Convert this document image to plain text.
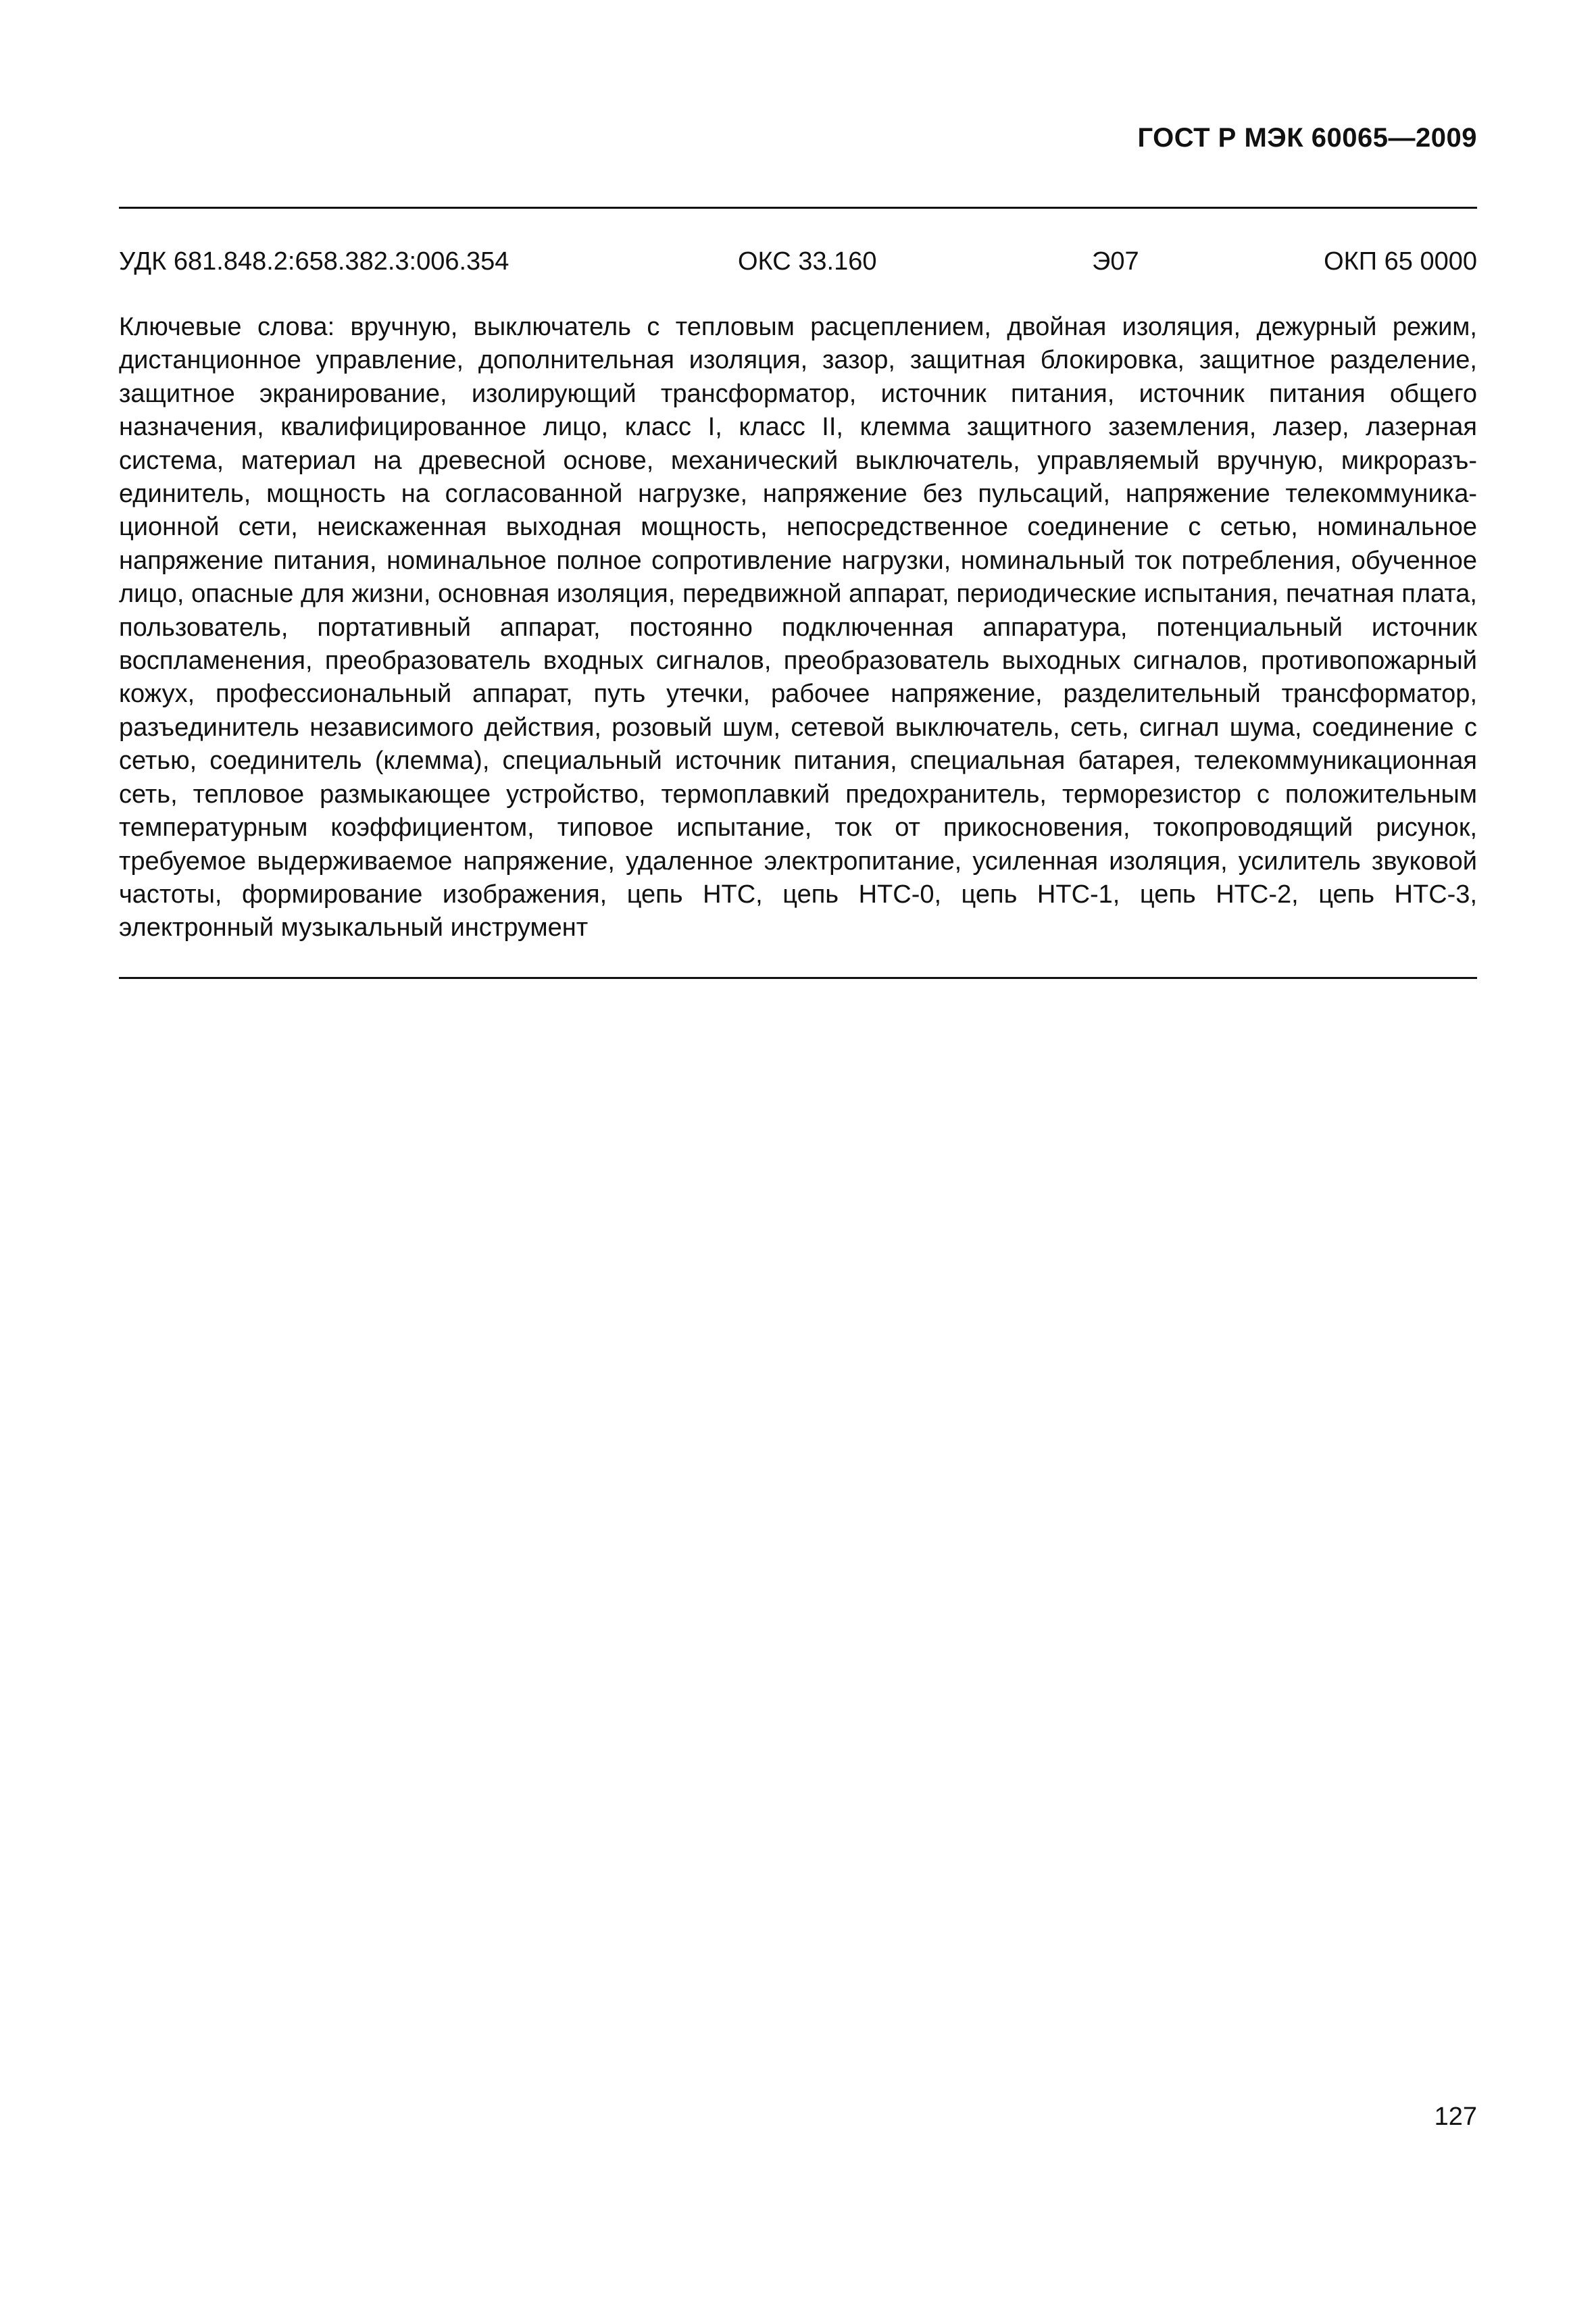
ГОСТ Р МЭК 60065—2009
УДК 681.848.2:658.382.3:006.354	ОКС 33.160	Э07	ОКП 65 0000
Ключевые слова: вручную, выключатель с тепловым расцеплением, двойная изоляция, дежурный режим, дистанционное управление, дополнительная изоляция, зазор, защитная блокировка, защитное разделение, защитное экранирование, изолирующий трансформатор, источник питания, источник питания общего назначения, квалифицированное лицо, класс I, класс II, клемма защитного заземления, лазер, лазерная система, материал на древесной основе, механический выключатель, управляемый вручную, микроразъединитель, мощность на согласованной нагрузке, напряжение без пульсаций, напряжение телекоммуникационной сети, неискаженная выходная мощность, непосредственное соединение с сетью, номинальное напряжение питания, номинальное полное сопротивление нагрузки, номинальный ток потребления, обученное лицо, опасные для жизни, основная изоляция, передвижной аппарат, периодические испытания, печатная плата, пользователь, портативный аппарат, постоянно подключенная аппаратура, потенциальный источник воспламенения, преобразователь входных сигналов, преобразователь выходных сигналов, противопожарный кожух, профессиональный аппарат, путь утечки, рабочее напряжение, разделительный трансформатор, разъединитель независимого действия, розовый шум, сетевой выключатель, сеть, сигнал шума, соединение с сетью, соединитель (клемма), специальный источник питания, специальная батарея, телекоммуникационная сеть, тепловое размыкающее устройство, термоплавкий предохранитель, терморезистор с положительным температурным коэффициентом, типовое испытание, ток от прикосновения, токопроводящий рисунок, требуемое выдерживаемое напряжение, удаленное электропитание, усиленная изоляция, усилитель звуковой частоты, формирование изображения, цепь НТС, цепь НТС-0, цепь НТС-1, цепь НТС-2, цепь НТС-3, электронный музыкальный инструмент
127
